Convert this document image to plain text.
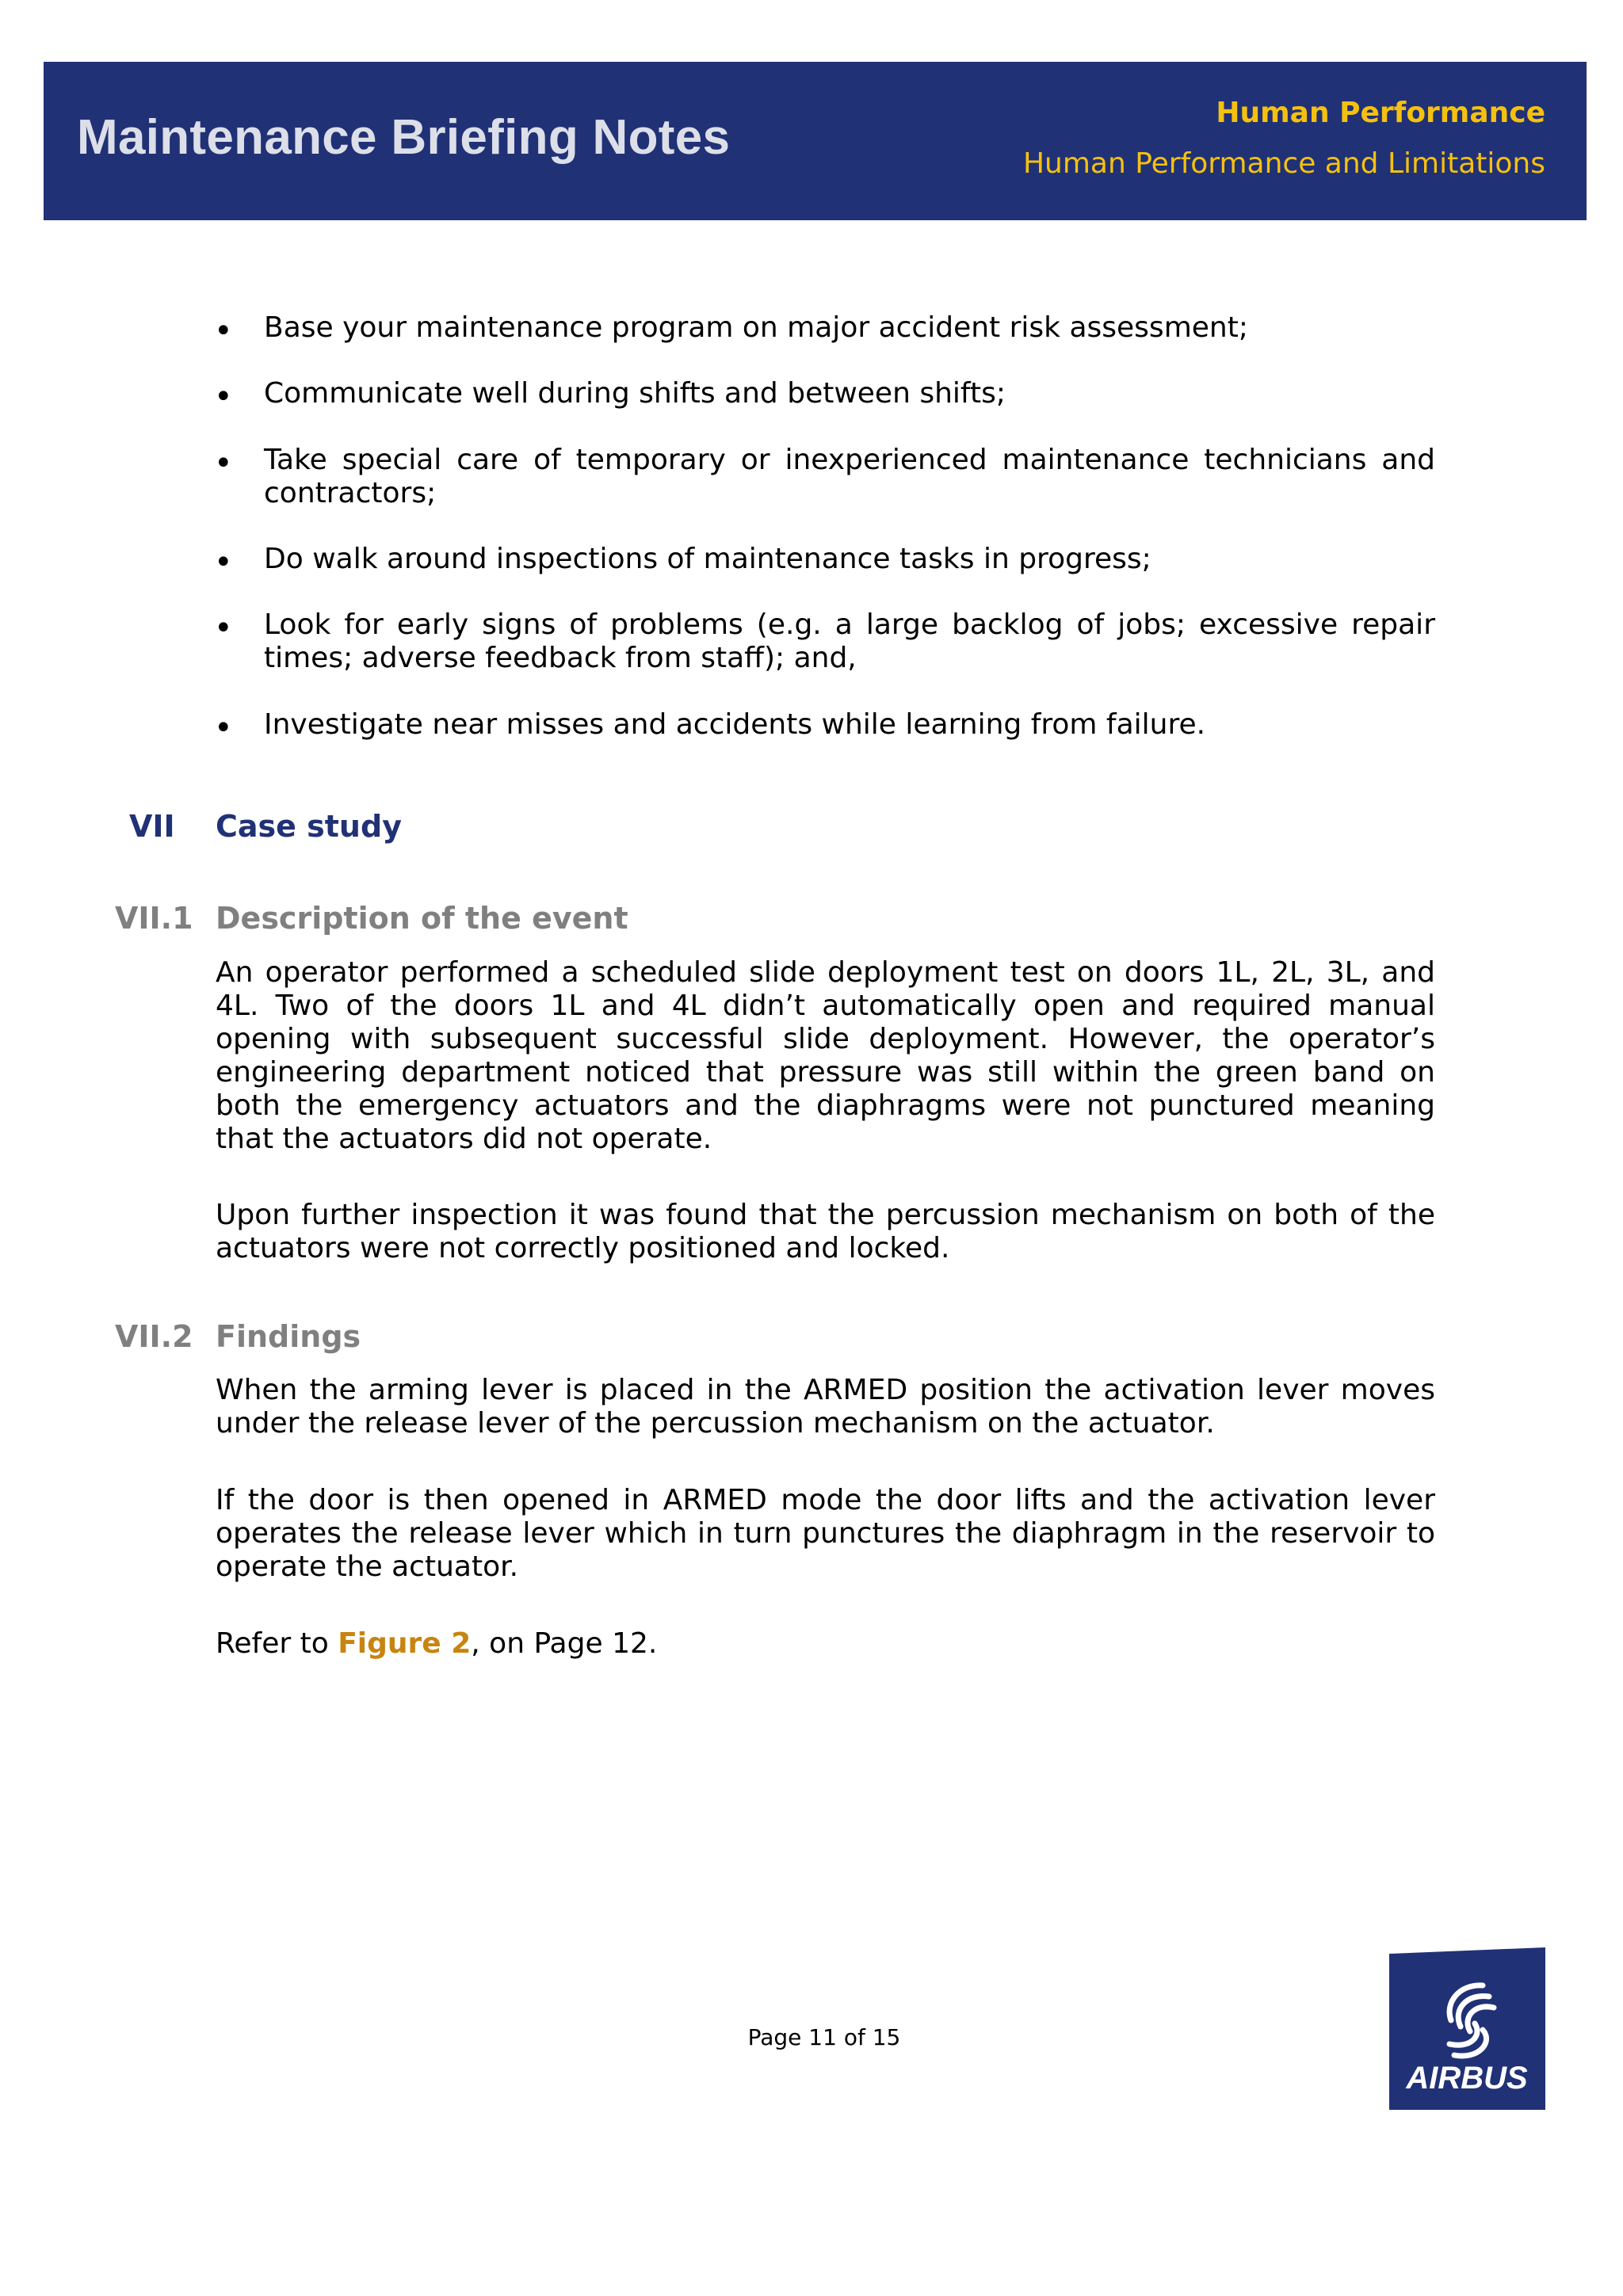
Maintenance Briefing Notes	Human Performance
Human Performance and Limitations
• Base your maintenance program on major accident risk assessment;
• Communicate well during shifts and between shifts;
• Take special care of temporary or inexperienced maintenance technicians and contractors;
• Do walk around inspections of maintenance tasks in progress;
• Look for early signs of problems (e.g. a large backlog of jobs; excessive repair times; adverse feedback from staff); and,
• Investigate near misses and accidents while learning from failure.
VII Case study
VII.1 Description of the event
An operator performed a scheduled slide deployment test on doors 1L, 2L, 3L, and 4L. Two of the doors 1L and 4L didn’t automatically open and required manual opening with subsequent successful slide deployment. However, the operator’s engineering department noticed that pressure was still within the green band on both the emergency actuators and the diaphragms were not punctured meaning that the actuators did not operate.
Upon further inspection it was found that the percussion mechanism on both of the actuators were not correctly positioned and locked.
VII.2 Findings
When the arming lever is placed in the ARMED position the activation lever moves under the release lever of the percussion mechanism on the actuator.
If the door is then opened in ARMED mode the door lifts and the activation lever operates the release lever which in turn punctures the diaphragm in the reservoir to operate the actuator.
Refer to Figure 2, on Page 12.
Page 11 of 15
AIRBUS
